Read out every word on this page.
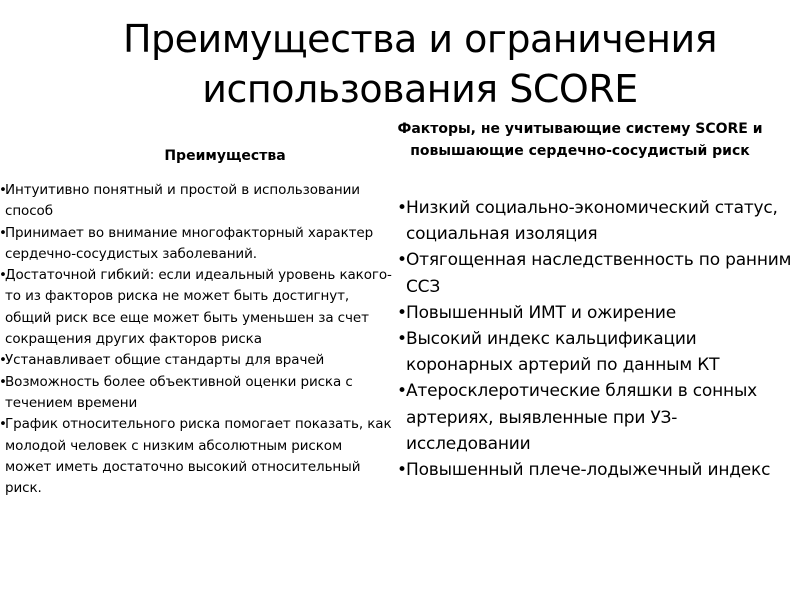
Преимущества и ограничения
использования SCORE
Преимущества
• Интуитивно понятный и простой в использовании способ
• Принимает во внимание многофакторный характер сердечно-сосудистых заболеваний.
• Достаточной гибкий: если идеальный уровень какого-то из факторов риска не может быть достигнут, общий риск все еще может быть уменьшен за счет сокращения других факторов риска
• Устанавливает общие стандарты для врачей
• Возможность более объективной оценки риска с течением времени
• График относительного риска помогает показать, как молодой человек с низким абсолютным риском может иметь достаточно высокий относительный риск.
Факторы, не учитывающие систему SCORE и повышающие сердечно-сосудистый риск
• Низкий социально-экономический статус, социальная изоляция
• Отягощенная наследственность по ранним ССЗ
• Повышенный ИМТ и ожирение
• Высокий индекс кальцификации коронарных артерий по данным КТ
• Атеросклеротические бляшки в сонных артериях, выявленные при УЗ-исследовании
• Повышенный плече-лодыжечный индекс
